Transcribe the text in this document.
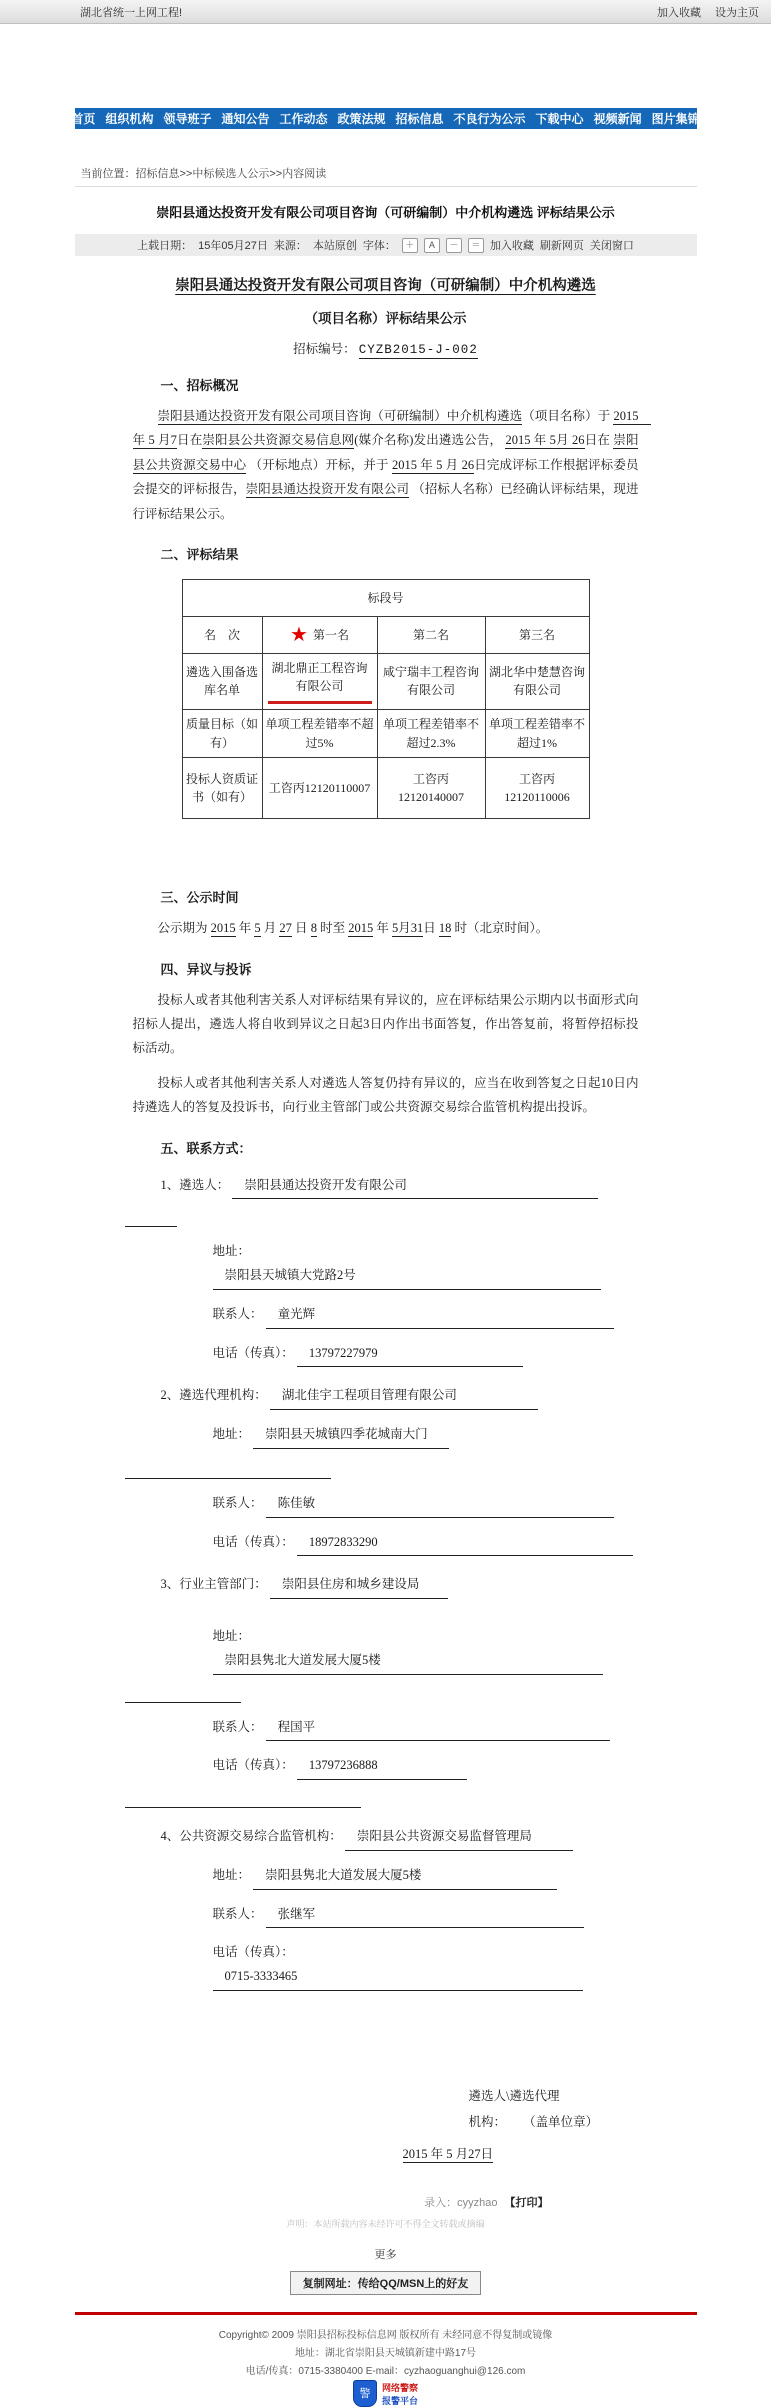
湖北省统一上网工程!	加入收藏 设为主页
首页 组织机构 领导班子 通知公告 工作动态 政策法规 招标信息 不良行为公示 下载中心 视频新闻 图片集锦
当前位置：招标信息>>中标候选人公示>>内容阅读
崇阳县通达投资开发有限公司项目咨询（可研编制）中介机构遴选 评标结果公示
上载日期： 15年05月27日 来源： 本站原创 字体：	＋	A	－	＝ 加入收藏 刷新网页 关闭窗口
崇阳县通达投资开发有限公司项目咨询（可研编制）中介机构遴选
（项目名称）评标结果公示
招标编号： CYZB2015-J-002
一、招标概况
崇阳县通达投资开发有限公司项目咨询（可研编制）中介机构遴选（项目名称）于 2015　年 5 月7日在崇阳县公共资源交易信息网(媒介名称)发出遴选公告， 2015 年 5月 26日在 崇阳县公共资源交易中心 （开标地点）开标，并于 2015 年 5 月 26日完成评标工作根据评标委员会提交的评标报告，崇阳县通达投资开发有限公司 （招标人名称）已经确认评标结果，现进行评标结果公示。
二、评标结果
标段号			
名　次	★ 第一名	第二名	第三名
遴选入围备选库名单	湖北鼎正工程咨询有限公司	咸宁瑞丰工程咨询有限公司	湖北华中楚慧咨询有限公司
质量目标（如有）	单项工程差错率不超过5%	单项工程差错率不超过2.3%	单项工程差错率不超过1%
投标人资质证书（如有）	工咨丙12120110007	工咨丙12120140007	工咨丙12120110006
三、公示时间
公示期为 2015 年 5 月 27 日 8 时至 2015 年 5月31日 18 时（北京时间）。
四、异议与投诉
投标人或者其他利害关系人对评标结果有异议的，应在评标结果公示期内以书面形式向招标人提出，遴选人将自收到异议之日起3日内作出书面答复，作出答复前，将暂停招标投标活动。
投标人或者其他利害关系人对遴选人答复仍持有异议的，应当在收到答复之日起10日内持遴选人的答复及投诉书，向行业主管部门或公共资源交易综合监管机构提出投诉。
五、联系方式：
1、遴选人： 崇阳县通达投资开发有限公司
地址： 崇阳县天城镇大党路2号
联系人： 童光辉
电话（传真）： 13797227979
2、遴选代理机构： 湖北佳宇工程项目管理有限公司
地址： 崇阳县天城镇四季花城南大门
联系人： 陈佳敏
电话（传真）： 18972833290
3、行业主管部门： 崇阳县住房和城乡建设局
地址： 崇阳县隽北大道发展大厦5楼
联系人： 程国平
电话（传真）： 13797236888
4、公共资源交易综合监管机构： 崇阳县公共资源交易监督管理局
地址： 崇阳县隽北大道发展大厦5楼
联系人： 张继军
电话（传真）： 0715-3333465
遴选人\遴选代理
机构： （盖单位章）
2015 年 5 月27日
录入：cyyzhao 【打印】
声明：本站所载内容未经许可不得全文转载或摘编
更多
复制网址：传给QQ/MSN上的好友
Copyright© 2009 崇阳县招标投标信息网 版权所有 未经同意不得复制或镜像
地址：湖北省崇阳县天城镇新建中路17号
电话/传真：0715-3380400 E-mail：cyzhaoguanghui@126.com
警
网络警察
报警平台
